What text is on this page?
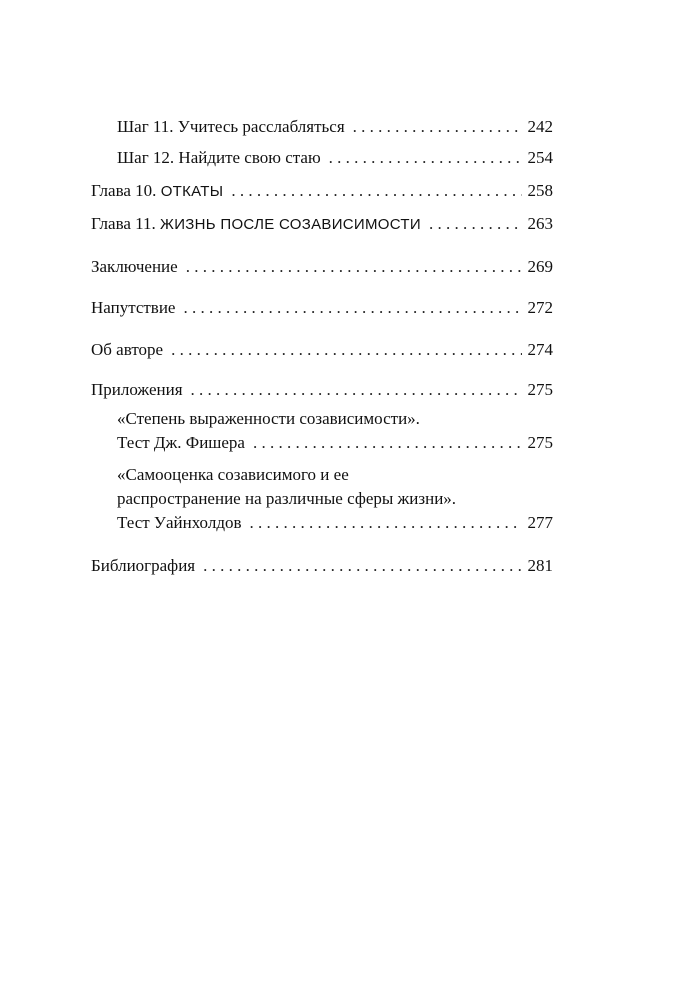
Шаг 11. Учитесь расслабляться . . .	242
Шаг 12. Найдите свою стаю . . .	254
Глава 10. ОТКАТЫ . . .	258
Глава 11. ЖИЗНЬ ПОСЛЕ СОЗАВИСИМОСТИ . . .	263
Заключение . . .	269
Напутствие . . .	272
Об авторе . . .	274
Приложения . . .	275
«Степень выраженности созависимости».
Тест Дж. Фишера . . .	275
«Самооценка созависимого и ее
распространение на различные сферы жизни».
Тест Уайнхолдов . . .	277
Библиография . . .	281
